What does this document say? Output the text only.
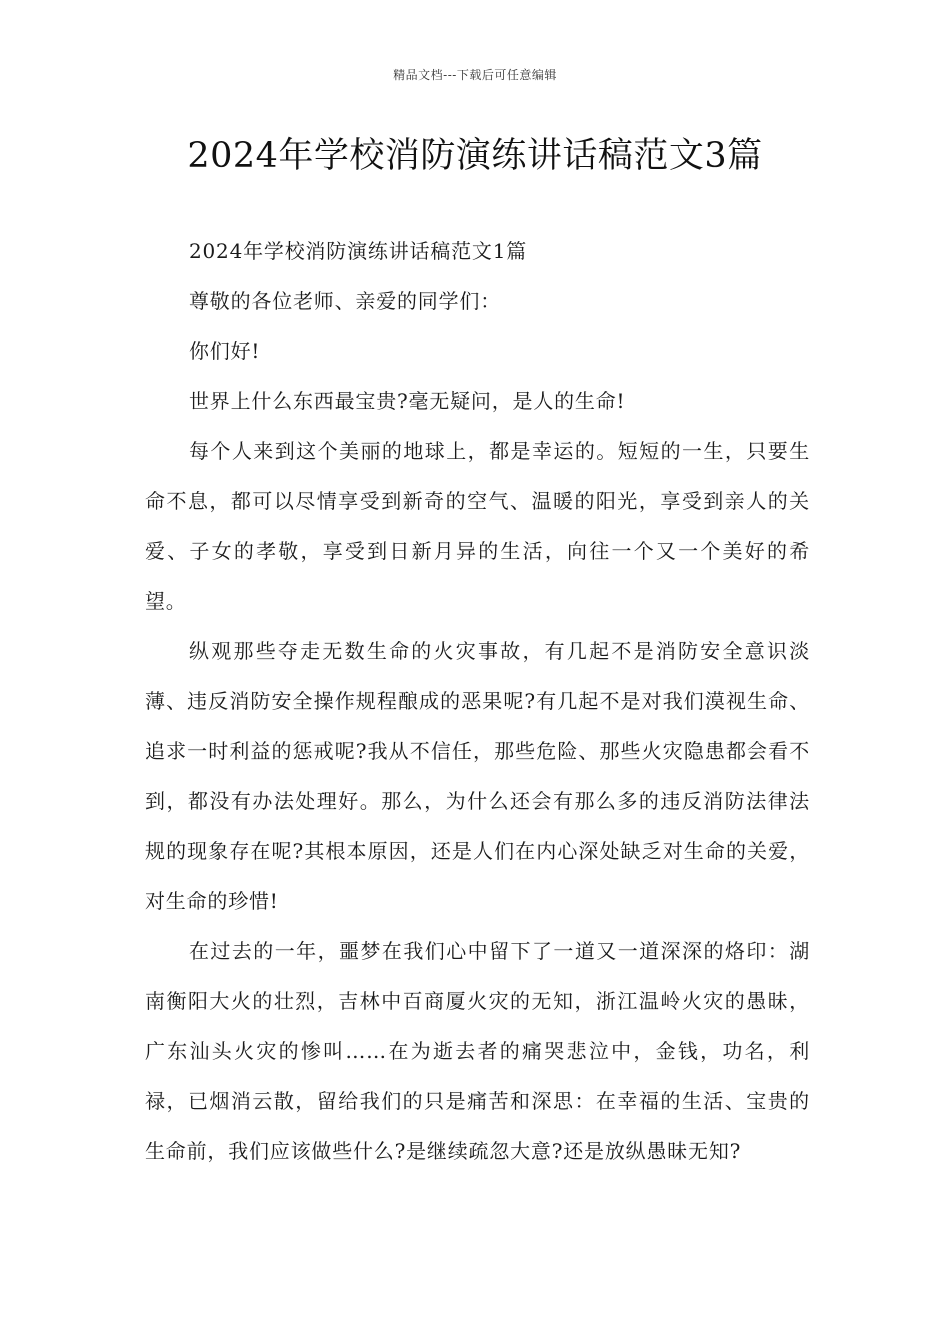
精品文档---下载后可任意编辑
2024年学校消防演练讲话稿范文3篇

2024年学校消防演练讲话稿范文1篇

尊敬的各位老师、亲爱的同学们：

你们好!

世界上什么东西最宝贵?毫无疑问，是人的生命!

每个人来到这个美丽的地球上，都是幸运的。短短的一生，只要生命不息，都可以尽情享受到新奇的空气、温暖的阳光，享受到亲人的关爱、子女的孝敬，享受到日新月异的生活，向往一个又一个美好的希望。

纵观那些夺走无数生命的火灾事故，有几起不是消防安全意识淡薄、违反消防安全操作规程酿成的恶果呢?有几起不是对我们漠视生命、追求一时利益的惩戒呢?我从不信任，那些危险、那些火灾隐患都会看不到，都没有办法处理好。那么，为什么还会有那么多的违反消防法律法规的现象存在呢?其根本原因，还是人们在内心深处缺乏对生命的关爱，对生命的珍惜!

在过去的一年，噩梦在我们心中留下了一道又一道深深的烙印：湖南衡阳大火的壮烈，吉林中百商厦火灾的无知，浙江温岭火灾的愚昧，广东汕头火灾的惨叫……在为逝去者的痛哭悲泣中，金钱，功名，利禄，已烟消云散，留给我们的只是痛苦和深思：在幸福的生活、宝贵的生命前，我们应该做些什么?是继续疏忽大意?还是放纵愚昧无知?
